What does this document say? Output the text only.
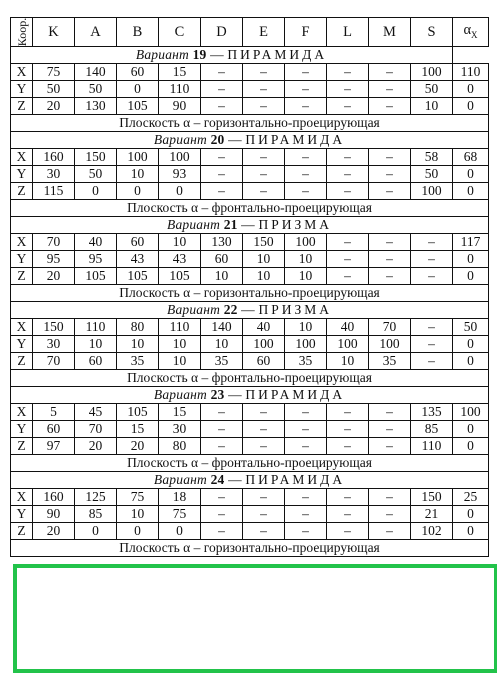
Коор.	K	A	B	C	D	E	F	L	M	S	$\alpha_X$
Вариант 19 — ПИРАМИДА											
X	75	140	60	15	–	–	–	–	–	100	110
Y	50	50	0	110	–	–	–	–	–	50	0
Z	20	130	105	90	–	–	–	–	–	10	0
Плоскость α – горизонтально-проецирующая											
Вариант 20 — ПИРАМИДА											
X	160	150	100	100	–	–	–	–	–	58	68
Y	30	50	10	93	–	–	–	–	–	50	0
Z	115	0	0	0	–	–	–	–	–	100	0
Плоскость α – фронтально-проецирующая											
Вариант 21 — ПРИЗМА											
X	70	40	60	10	130	150	100	–	–	–	117
Y	95	95	43	43	60	10	10	–	–	–	0
Z	20	105	105	105	10	10	10	–	–	–	0
Плоскость α – горизонтально-проецирующая											
Вариант 22 — ПРИЗМА											
X	150	110	80	110	140	40	10	40	70	–	50
Y	30	10	10	10	10	100	100	100	100	–	0
Z	70	60	35	10	35	60	35	10	35	–	0
Плоскость α – фронтально-проецирующая											
Вариант 23 — ПИРАМИДА											
X	5	45	105	15	–	–	–	–	–	135	100
Y	60	70	15	30	–	–	–	–	–	85	0
Z	97	20	20	80	–	–	–	–	–	110	0
Плоскость α – фронтально-проецирующая											
Вариант 24 — ПИРАМИДА											
X	160	125	75	18	–	–	–	–	–	150	25
Y	90	85	10	75	–	–	–	–	–	21	0
Z	20	0	0	0	–	–	–	–	–	102	0
Плоскость α – горизонтально-проецирующая											
